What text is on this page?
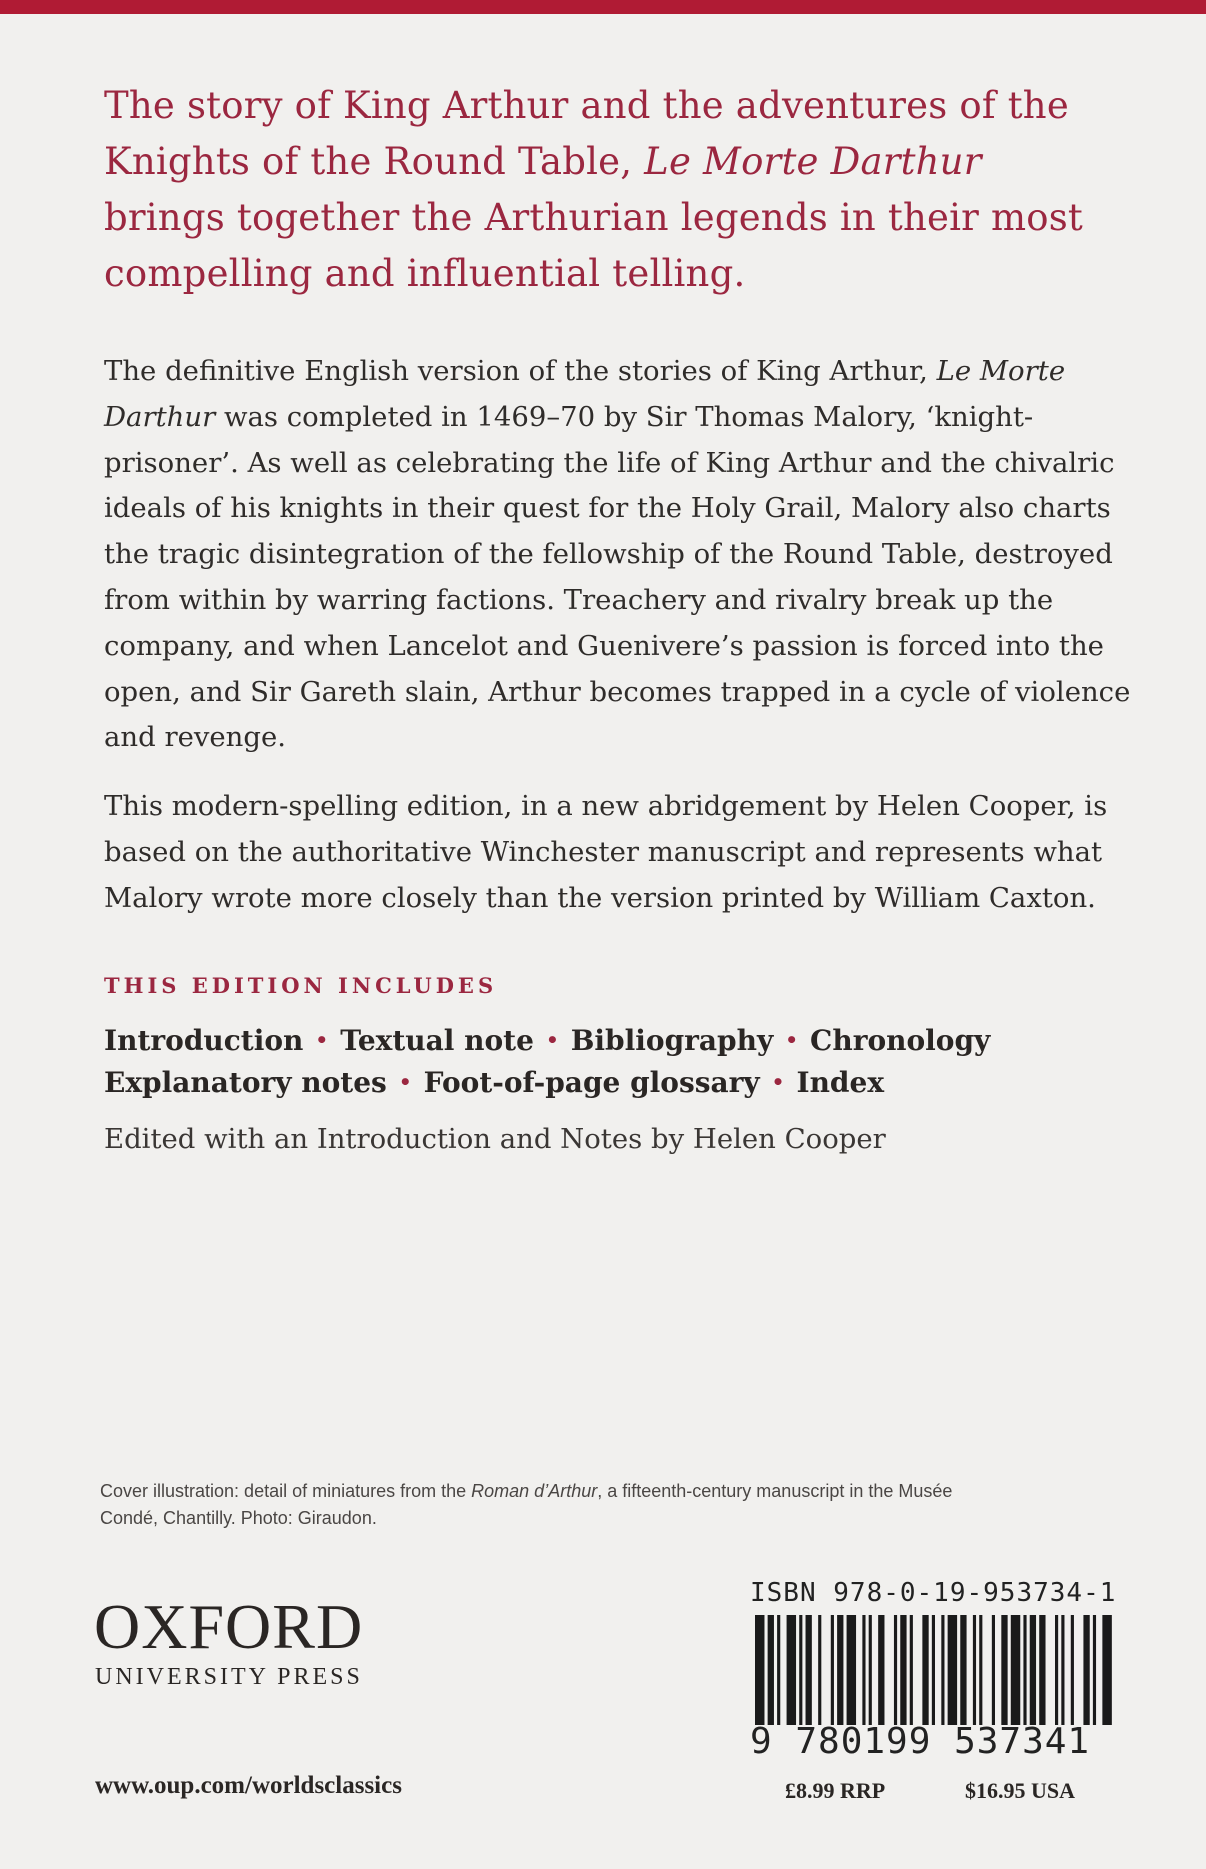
The story of King Arthur and the adventures of the Knights of the Round Table, Le Morte Darthur brings together the Arthurian legends in their most compelling and influential telling.
The definitive English version of the stories of King Arthur, Le Morte Darthur was completed in 1469–70 by Sir Thomas Malory, ‘knight-prisoner’. As well as celebrating the life of King Arthur and the chivalric ideals of his knights in their quest for the Holy Grail, Malory also charts the tragic disintegration of the fellowship of the Round Table, destroyed from within by warring factions. Treachery and rivalry break up the company, and when Lancelot and Guenivere’s passion is forced into the open, and Sir Gareth slain, Arthur becomes trapped in a cycle of violence and revenge.
This modern-spelling edition, in a new abridgement by Helen Cooper, is based on the authoritative Winchester manuscript and represents what Malory wrote more closely than the version printed by William Caxton.
THIS EDITION INCLUDES
Introduction • Textual note • Bibliography • Chronology
Explanatory notes • Foot-of-page glossary • Index
Edited with an Introduction and Notes by Helen Cooper
Cover illustration: detail of miniatures from the Roman d’Arthur, a fifteenth-century manuscript in the Musée Condé, Chantilly. Photo: Giraudon.
OXFORD
UNIVERSITY PRESS
www.oup.com/worldsclassics
ISBN 978-0-19-953734-1
9 780199 537341
£8.99 RRP	$16.95 USA
